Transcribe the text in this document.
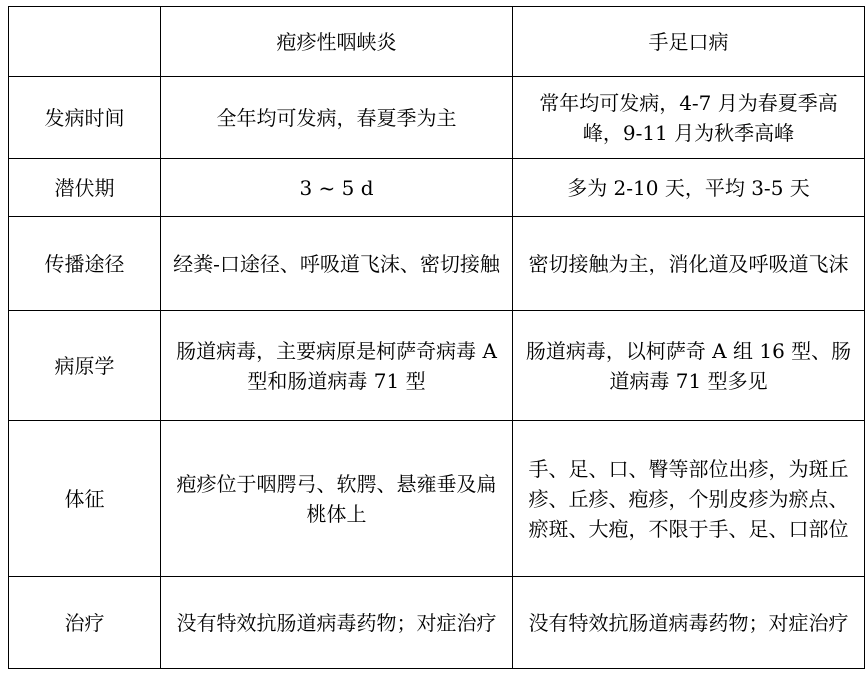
	疱疹性咽峡炎	手足口病
发病时间	全年均可发病，春夏季为主	常年均可发病，4-7 月为春夏季高峰，9-11 月为秋季高峰
潜伏期	3 ~ 5 d	多为 2-10 天，平均 3-5 天
传播途径	经粪-口途径、呼吸道飞沫、密切接触	密切接触为主，消化道及呼吸道飞沫
病原学	肠道病毒，主要病原是柯萨奇病毒 A 型和肠道病毒 71 型	肠道病毒，以柯萨奇 A 组 16 型、肠道病毒 71 型多见
体征	疱疹位于咽腭弓、软腭、悬雍垂及扁桃体上	手、足、口、臀等部位出疹，为斑丘疹、丘疹、疱疹，个别皮疹为瘀点、瘀斑、大疱，不限于手、足、口部位
治疗	没有特效抗肠道病毒药物；对症治疗	没有特效抗肠道病毒药物；对症治疗
